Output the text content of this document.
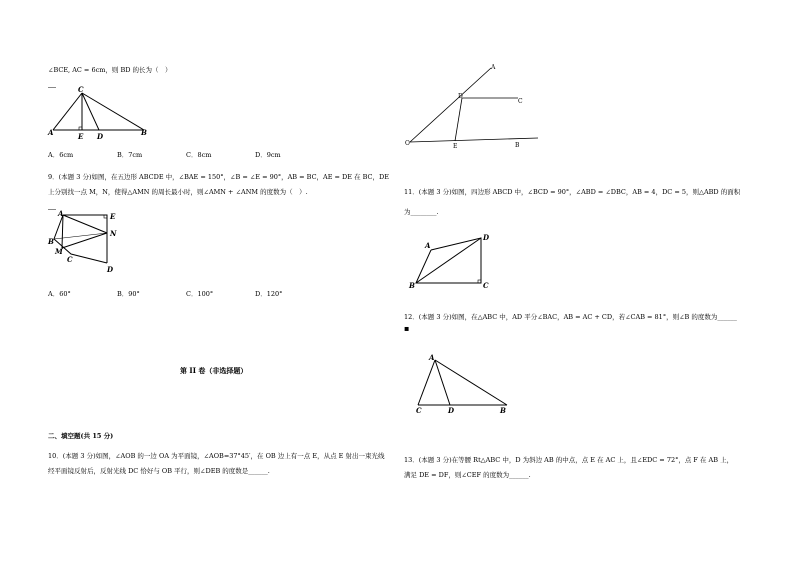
∠BCE, AC = 6cm，则 BD 的长为（　）
C
A	E D	B
A．6cm	B．7cm	C．8cm	D．9cm
9．(本题 3 分)如图，在五边形 ABCDE 中，∠BAE = 150°，∠B = ∠E = 90°，AB = BC，AE = DE 在 BC，DE
上分别找一点 M，N，使得△AMN 的周长最小时，则∠AMN + ∠ANM 的度数为（　）.
A	E
N
B
M
C
D
A．60°	B．90°	C．100°	D．120°
第 II 卷（非选择题）
二、填空题(共 15 分)
10．(本题 3 分)如图，∠AOB 的一边 OA 为平面镜，∠AOB=37°45′，在 OB 边上有一点 E，从点 E 射出一束光线
经平面镜反射后，反射光线 DC 恰好与 OB 平行，则∠DEB 的度数是______.
A
D
C
O	E	B
11．(本题 3 分)如图，四边形 ABCD 中，∠BCD = 90°，∠ABD = ∠DBC，AB = 4，DC = 5，则△ABD 的面积
为________.
A
D
B	C
12．(本题 3 分)如图，在△ABC 中，AD 平分∠BAC，AB = AC + CD，若∠CAB = 81°，则∠B 的度数为______
▪
A
C	D	B
13．(本题 3 分)在等腰 Rt△ABC 中，D 为斜边 AB 的中点，点 E 在 AC 上，且∠EDC = 72°，点 F 在 AB 上，
满足 DE = DF，则∠CEF 的度数为______.
